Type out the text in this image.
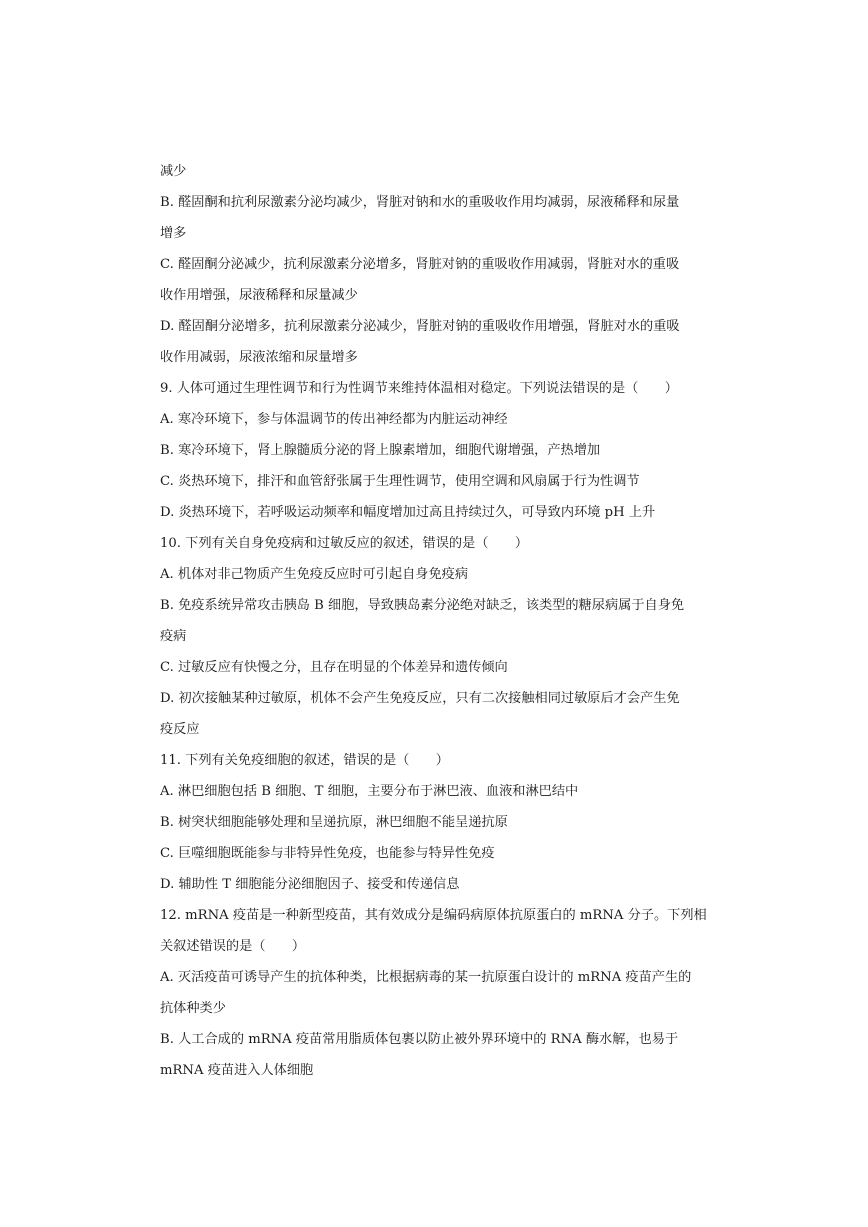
减少
B. 醛固酮和抗利尿激素分泌均减少，肾脏对钠和水的重吸收作用均减弱，尿液稀释和尿量
增多
C. 醛固酮分泌减少，抗利尿激素分泌增多，肾脏对钠的重吸收作用减弱，肾脏对水的重吸
收作用增强，尿液稀释和尿量减少
D. 醛固酮分泌增多，抗利尿激素分泌减少，肾脏对钠的重吸收作用增强，肾脏对水的重吸
收作用减弱，尿液浓缩和尿量增多
9. 人体可通过生理性调节和行为性调节来维持体温相对稳定。下列说法错误的是（　　）
A. 寒冷环境下，参与体温调节的传出神经都为内脏运动神经
B. 寒冷环境下，肾上腺髓质分泌的肾上腺素增加，细胞代谢增强，产热增加
C. 炎热环境下，排汗和血管舒张属于生理性调节，使用空调和风扇属于行为性调节
D. 炎热环境下，若呼吸运动频率和幅度增加过高且持续过久，可导致内环境 pH 上升
10. 下列有关自身免疫病和过敏反应的叙述，错误的是（　　）
A. 机体对非己物质产生免疫反应时可引起自身免疫病
B. 免疫系统异常攻击胰岛 B 细胞，导致胰岛素分泌绝对缺乏，该类型的糖尿病属于自身免
疫病
C. 过敏反应有快慢之分，且存在明显的个体差异和遗传倾向
D. 初次接触某种过敏原，机体不会产生免疫反应，只有二次接触相同过敏原后才会产生免
疫反应
11. 下列有关免疫细胞的叙述，错误的是（　　）
A. 淋巴细胞包括 B 细胞、T 细胞，主要分布于淋巴液、血液和淋巴结中
B. 树突状细胞能够处理和呈递抗原，淋巴细胞不能呈递抗原
C. 巨噬细胞既能参与非特异性免疫，也能参与特异性免疫
D. 辅助性 T 细胞能分泌细胞因子、接受和传递信息
12. mRNA 疫苗是一种新型疫苗，其有效成分是编码病原体抗原蛋白的 mRNA 分子。下列相
关叙述错误的是（　　）
A. 灭活疫苗可诱导产生的抗体种类，比根据病毒的某一抗原蛋白设计的 mRNA 疫苗产生的
抗体种类少
B. 人工合成的 mRNA 疫苗常用脂质体包裹以防止被外界环境中的 RNA 酶水解，也易于
mRNA 疫苗进入人体细胞
